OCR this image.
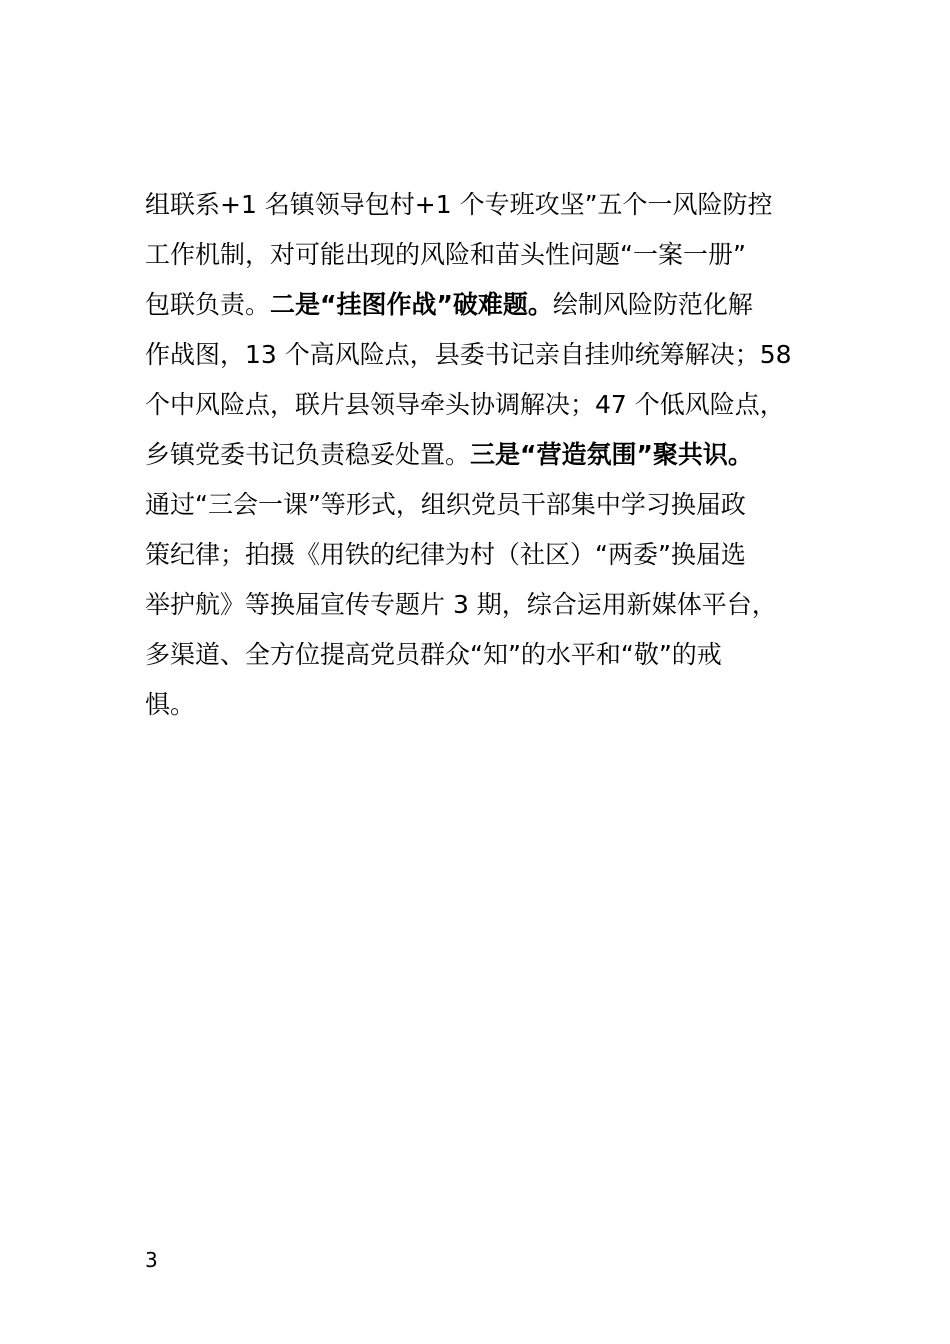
组联系+1 名镇领导包村+1 个专班攻坚”五个一风险防控
工作机制，对可能出现的风险和苗头性问题“一案一册”
包联负责。二是“挂图作战”破难题。绘制风险防范化解
作战图，13 个高风险点，县委书记亲自挂帅统筹解决；58
个中风险点，联片县领导牵头协调解决；47 个低风险点，
乡镇党委书记负责稳妥处置。三是“营造氛围”聚共识。
通过“三会一课”等形式，组织党员干部集中学习换届政
策纪律；拍摄《用铁的纪律为村（社区）“两委”换届选
举护航》等换届宣传专题片 3 期，综合运用新媒体平台，
多渠道、全方位提高党员群众“知”的水平和“敬”的戒
惧。
3
